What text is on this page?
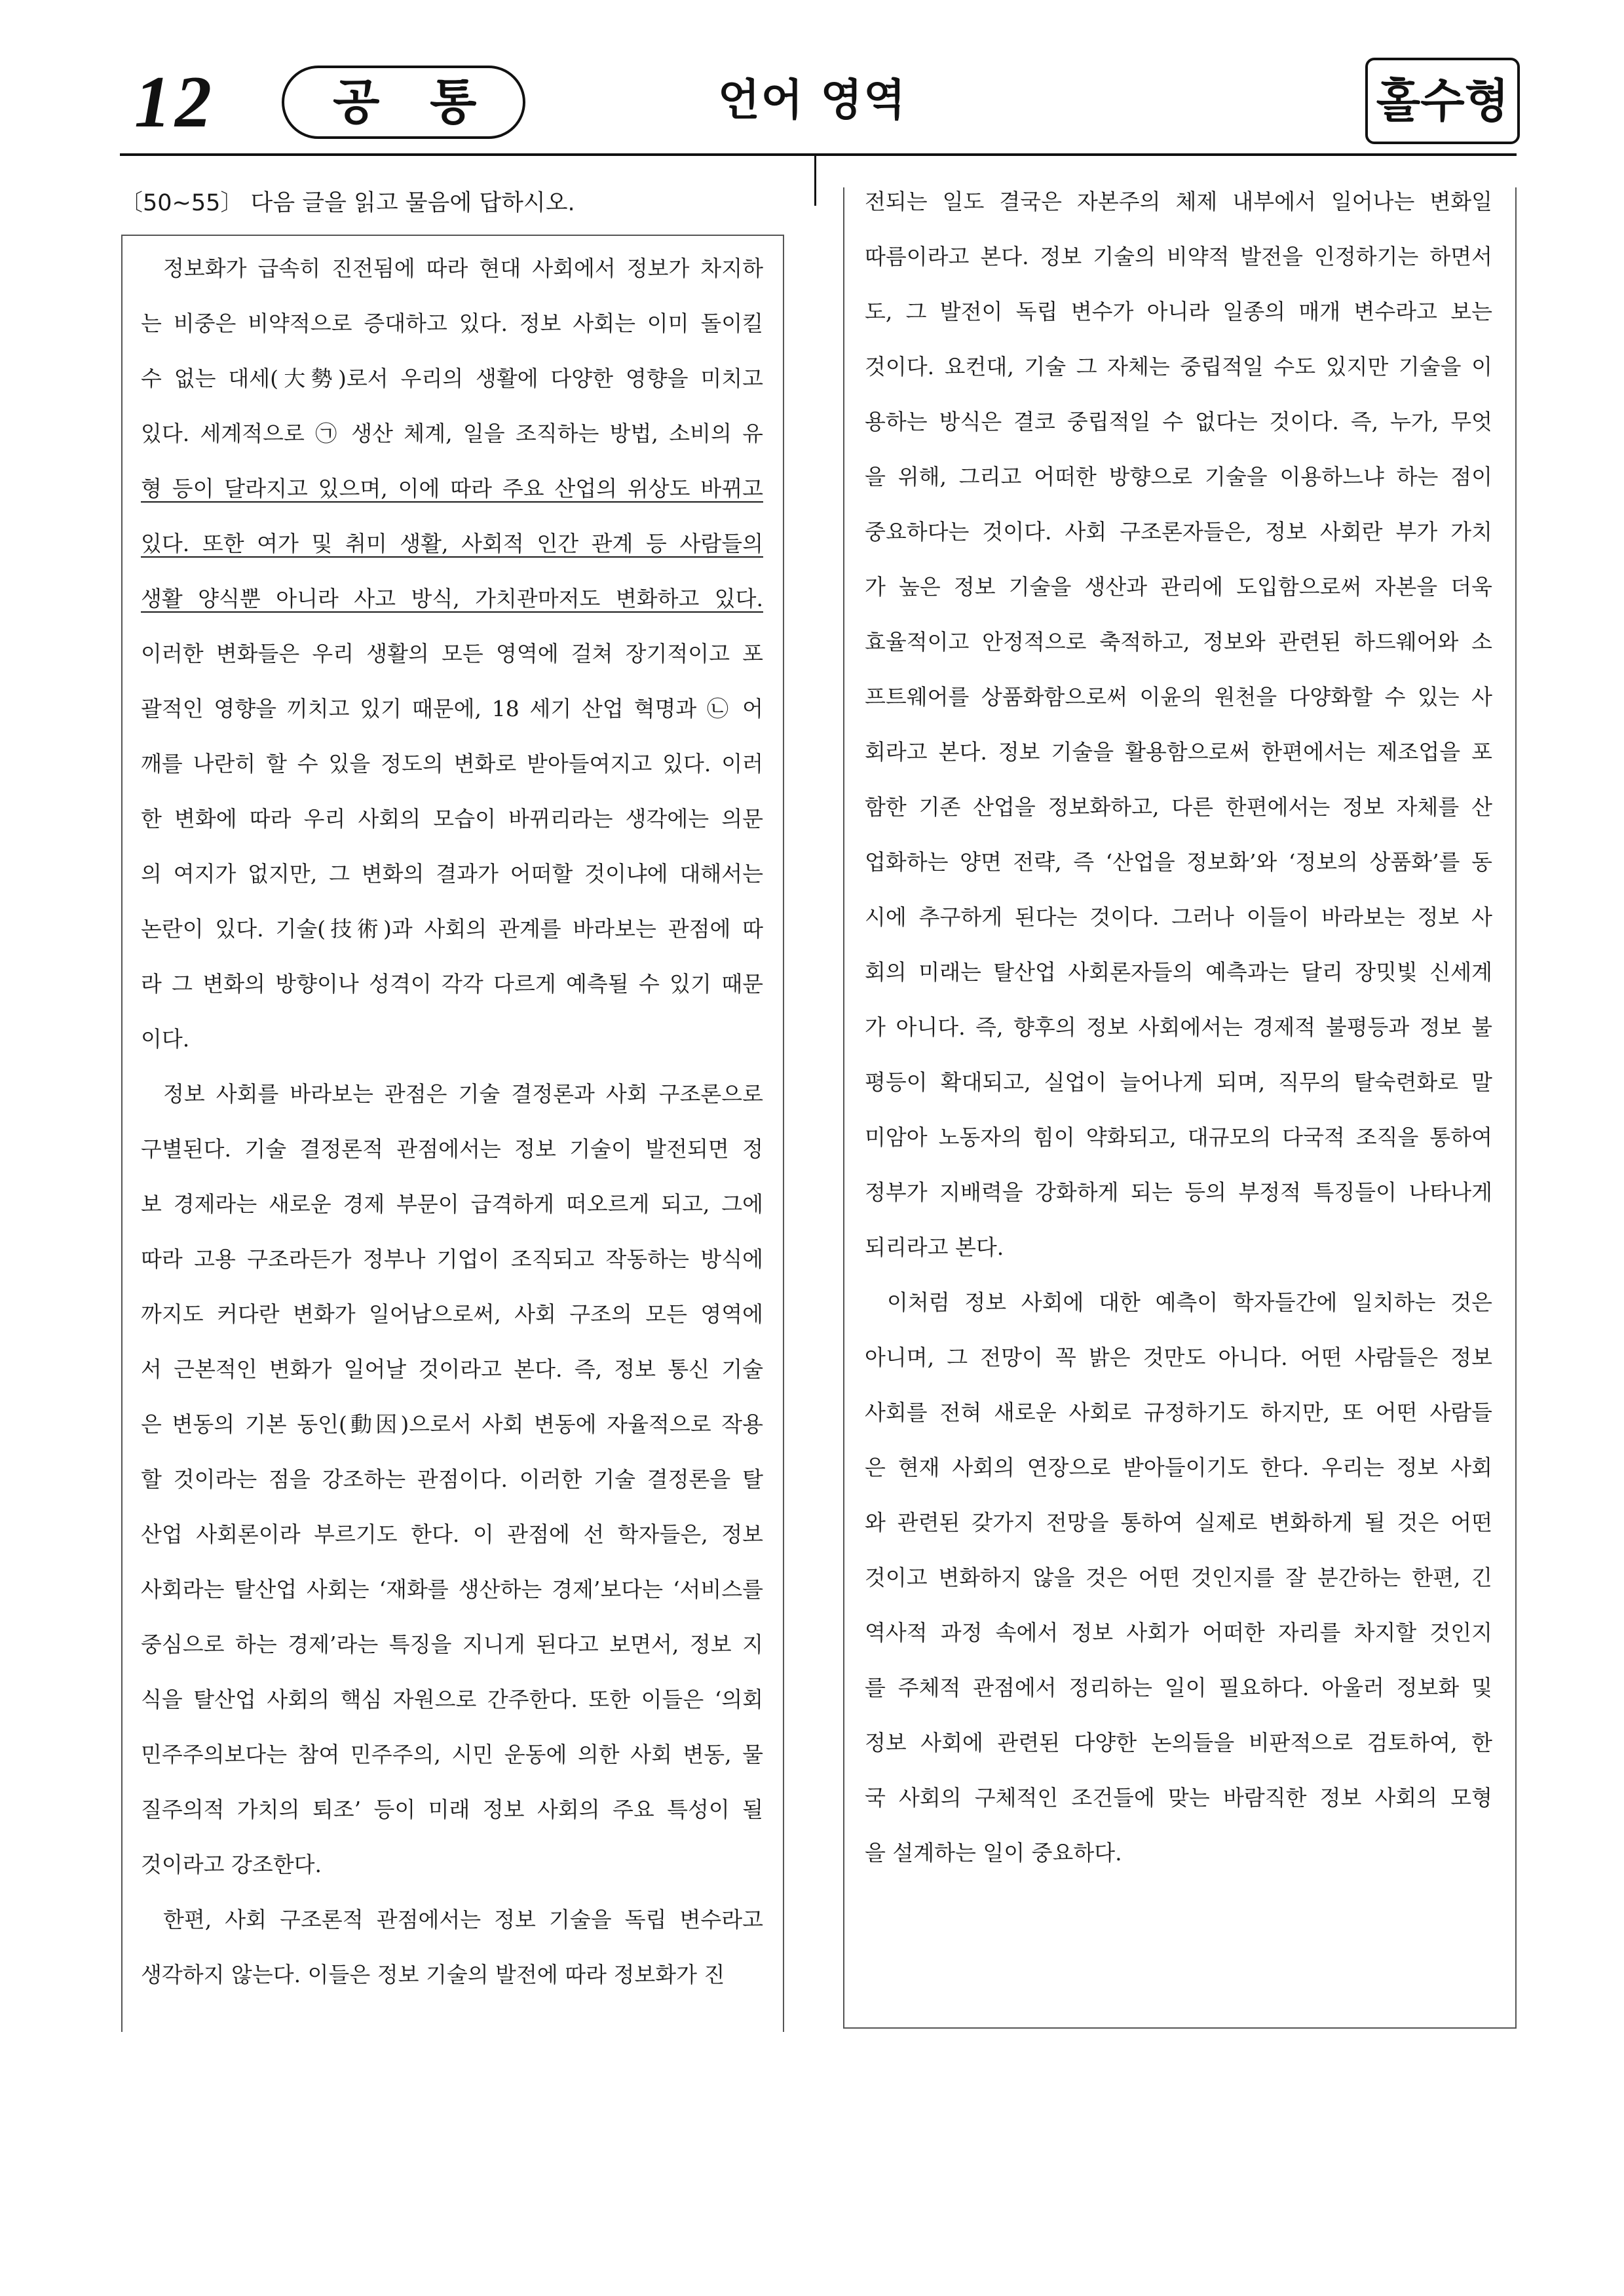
12 공 통	언어 영역	홀수형
〔50∼55〕 다음 글을 읽고 물음에 답하시오.
정보화가 급속히 진전됨에 따라 현대 사회에서 정보가 차지하
는 비중은 비약적으로 증대하고 있다. 정보 사회는 이미 돌이킬
수 없는 대세(大勢)로서 우리의 생활에 다양한 영향을 미치고
있다. 세계적으로 ㉠ 생산 체계, 일을 조직하는 방법, 소비의 유
형 등이 달라지고 있으며, 이에 따라 주요 산업의 위상도 바뀌고
있다. 또한 여가 및 취미 생활, 사회적 인간 관계 등 사람들의
생활 양식뿐 아니라 사고 방식, 가치관마저도 변화하고 있다.
이러한 변화들은 우리 생활의 모든 영역에 걸쳐 장기적이고 포
괄적인 영향을 끼치고 있기 때문에, 18 세기 산업 혁명과 ㉡ 어
깨를 나란히 할 수 있을 정도의 변화로 받아들여지고 있다. 이러
한 변화에 따라 우리 사회의 모습이 바뀌리라는 생각에는 의문
의 여지가 없지만, 그 변화의 결과가 어떠할 것이냐에 대해서는
논란이 있다. 기술(技術)과 사회의 관계를 바라보는 관점에 따
라 그 변화의 방향이나 성격이 각각 다르게 예측될 수 있기 때문
이다.
정보 사회를 바라보는 관점은 기술 결정론과 사회 구조론으로
구별된다. 기술 결정론적 관점에서는 정보 기술이 발전되면 정
보 경제라는 새로운 경제 부문이 급격하게 떠오르게 되고, 그에
따라 고용 구조라든가 정부나 기업이 조직되고 작동하는 방식에
까지도 커다란 변화가 일어남으로써, 사회 구조의 모든 영역에
서 근본적인 변화가 일어날 것이라고 본다. 즉, 정보 통신 기술
은 변동의 기본 동인(動因)으로서 사회 변동에 자율적으로 작용
할 것이라는 점을 강조하는 관점이다. 이러한 기술 결정론을 탈
산업 사회론이라 부르기도 한다. 이 관점에 선 학자들은, 정보
사회라는 탈산업 사회는 ‘재화를 생산하는 경제’보다는 ‘서비스를
중심으로 하는 경제’라는 특징을 지니게 된다고 보면서, 정보 지
식을 탈산업 사회의 핵심 자원으로 간주한다. 또한 이들은 ‘의회
민주주의보다는 참여 민주주의, 시민 운동에 의한 사회 변동, 물
질주의적 가치의 퇴조’ 등이 미래 정보 사회의 주요 특성이 될
것이라고 강조한다.
한편, 사회 구조론적 관점에서는 정보 기술을 독립 변수라고
생각하지 않는다. 이들은 정보 기술의 발전에 따라 정보화가 진
전되는 일도 결국은 자본주의 체제 내부에서 일어나는 변화일
따름이라고 본다. 정보 기술의 비약적 발전을 인정하기는 하면서
도, 그 발전이 독립 변수가 아니라 일종의 매개 변수라고 보는
것이다. 요컨대, 기술 그 자체는 중립적일 수도 있지만 기술을 이
용하는 방식은 결코 중립적일 수 없다는 것이다. 즉, 누가, 무엇
을 위해, 그리고 어떠한 방향으로 기술을 이용하느냐 하는 점이
중요하다는 것이다. 사회 구조론자들은, 정보 사회란 부가 가치
가 높은 정보 기술을 생산과 관리에 도입함으로써 자본을 더욱
효율적이고 안정적으로 축적하고, 정보와 관련된 하드웨어와 소
프트웨어를 상품화함으로써 이윤의 원천을 다양화할 수 있는 사
회라고 본다. 정보 기술을 활용함으로써 한편에서는 제조업을 포
함한 기존 산업을 정보화하고, 다른 한편에서는 정보 자체를 산
업화하는 양면 전략, 즉 ‘산업을 정보화’와 ‘정보의 상품화’를 동
시에 추구하게 된다는 것이다. 그러나 이들이 바라보는 정보 사
회의 미래는 탈산업 사회론자들의 예측과는 달리 장밋빛 신세계
가 아니다. 즉, 향후의 정보 사회에서는 경제적 불평등과 정보 불
평등이 확대되고, 실업이 늘어나게 되며, 직무의 탈숙련화로 말
미암아 노동자의 힘이 약화되고, 대규모의 다국적 조직을 통하여
정부가 지배력을 강화하게 되는 등의 부정적 특징들이 나타나게
되리라고 본다.
이처럼 정보 사회에 대한 예측이 학자들간에 일치하는 것은
아니며, 그 전망이 꼭 밝은 것만도 아니다. 어떤 사람들은 정보
사회를 전혀 새로운 사회로 규정하기도 하지만, 또 어떤 사람들
은 현재 사회의 연장으로 받아들이기도 한다. 우리는 정보 사회
와 관련된 갖가지 전망을 통하여 실제로 변화하게 될 것은 어떤
것이고 변화하지 않을 것은 어떤 것인지를 잘 분간하는 한편, 긴
역사적 과정 속에서 정보 사회가 어떠한 자리를 차지할 것인지
를 주체적 관점에서 정리하는 일이 필요하다. 아울러 정보화 및
정보 사회에 관련된 다양한 논의들을 비판적으로 검토하여, 한
국 사회의 구체적인 조건들에 맞는 바람직한 정보 사회의 모형
을 설계하는 일이 중요하다.
